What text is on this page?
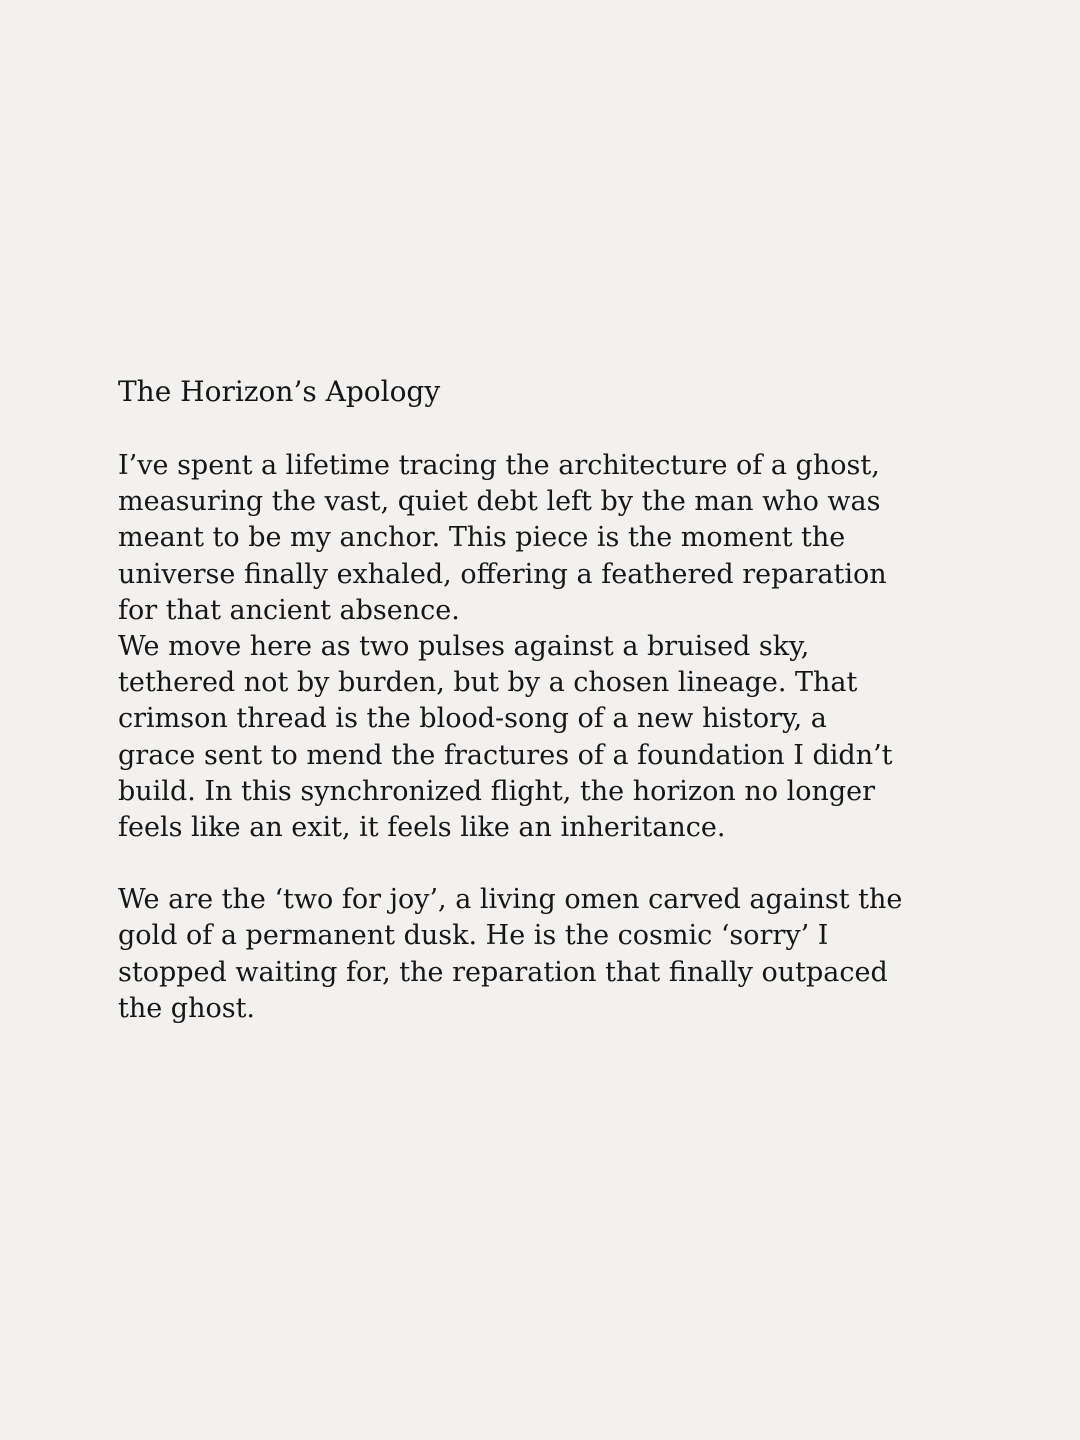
The Horizon’s Apology

I’ve spent a lifetime tracing the architecture of a ghost,

measuring the vast, quiet debt left by the man who was

meant to be my anchor. This piece is the moment the

universe finally exhaled, offering a feathered reparation

for that ancient absence.

We move here as two pulses against a bruised sky,

tethered not by burden, but by a chosen lineage. That

crimson thread is the blood-song of a new history, a

grace sent to mend the fractures of a foundation I didn’t

build. In this synchronized flight, the horizon no longer

feels like an exit, it feels like an inheritance.

We are the ‘two for joy’, a living omen carved against the

gold of a permanent dusk. He is the cosmic ‘sorry’ I

stopped waiting for, the reparation that finally outpaced

the ghost.
